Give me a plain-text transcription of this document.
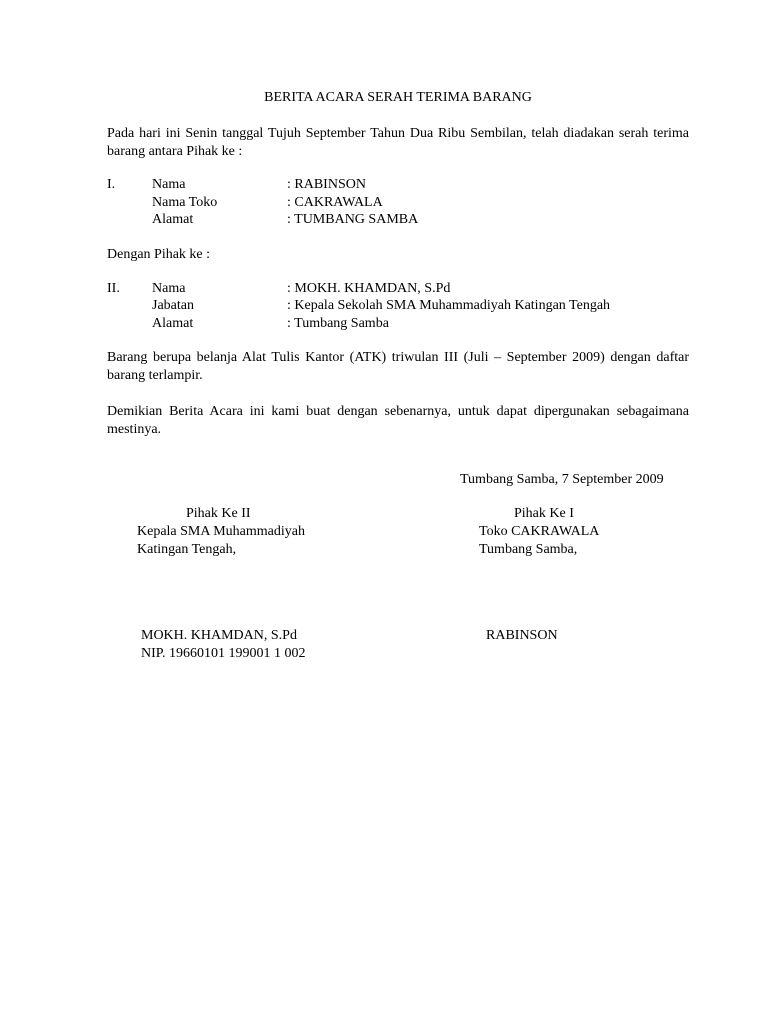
BERITA ACARA SERAH TERIMA BARANG
Pada hari ini Senin tanggal Tujuh September Tahun Dua Ribu Sembilan, telah diadakan serah terima barang antara Pihak ke :
I.	Nama	: RABINSON
Nama Toko	: CAKRAWALA
Alamat	: TUMBANG SAMBA
Dengan Pihak ke :
II. Nama	: MOKH. KHAMDAN, S.Pd
Jabatan	: Kepala Sekolah SMA Muhammadiyah Katingan Tengah
Alamat	: Tumbang Samba
Barang berupa belanja Alat Tulis Kantor (ATK) triwulan III (Juli – September 2009) dengan daftar barang terlampir.
Demikian Berita Acara ini kami buat dengan sebenarnya, untuk dapat dipergunakan sebagaimana mestinya.
Tumbang Samba, 7 September 2009
Pihak Ke II
Kepala SMA Muhammadiyah
Katingan Tengah,
MOKH. KHAMDAN, S.Pd
NIP. 19660101 199001 1 002
Pihak Ke I
Toko CAKRAWALA
Tumbang Samba,
RABINSON
